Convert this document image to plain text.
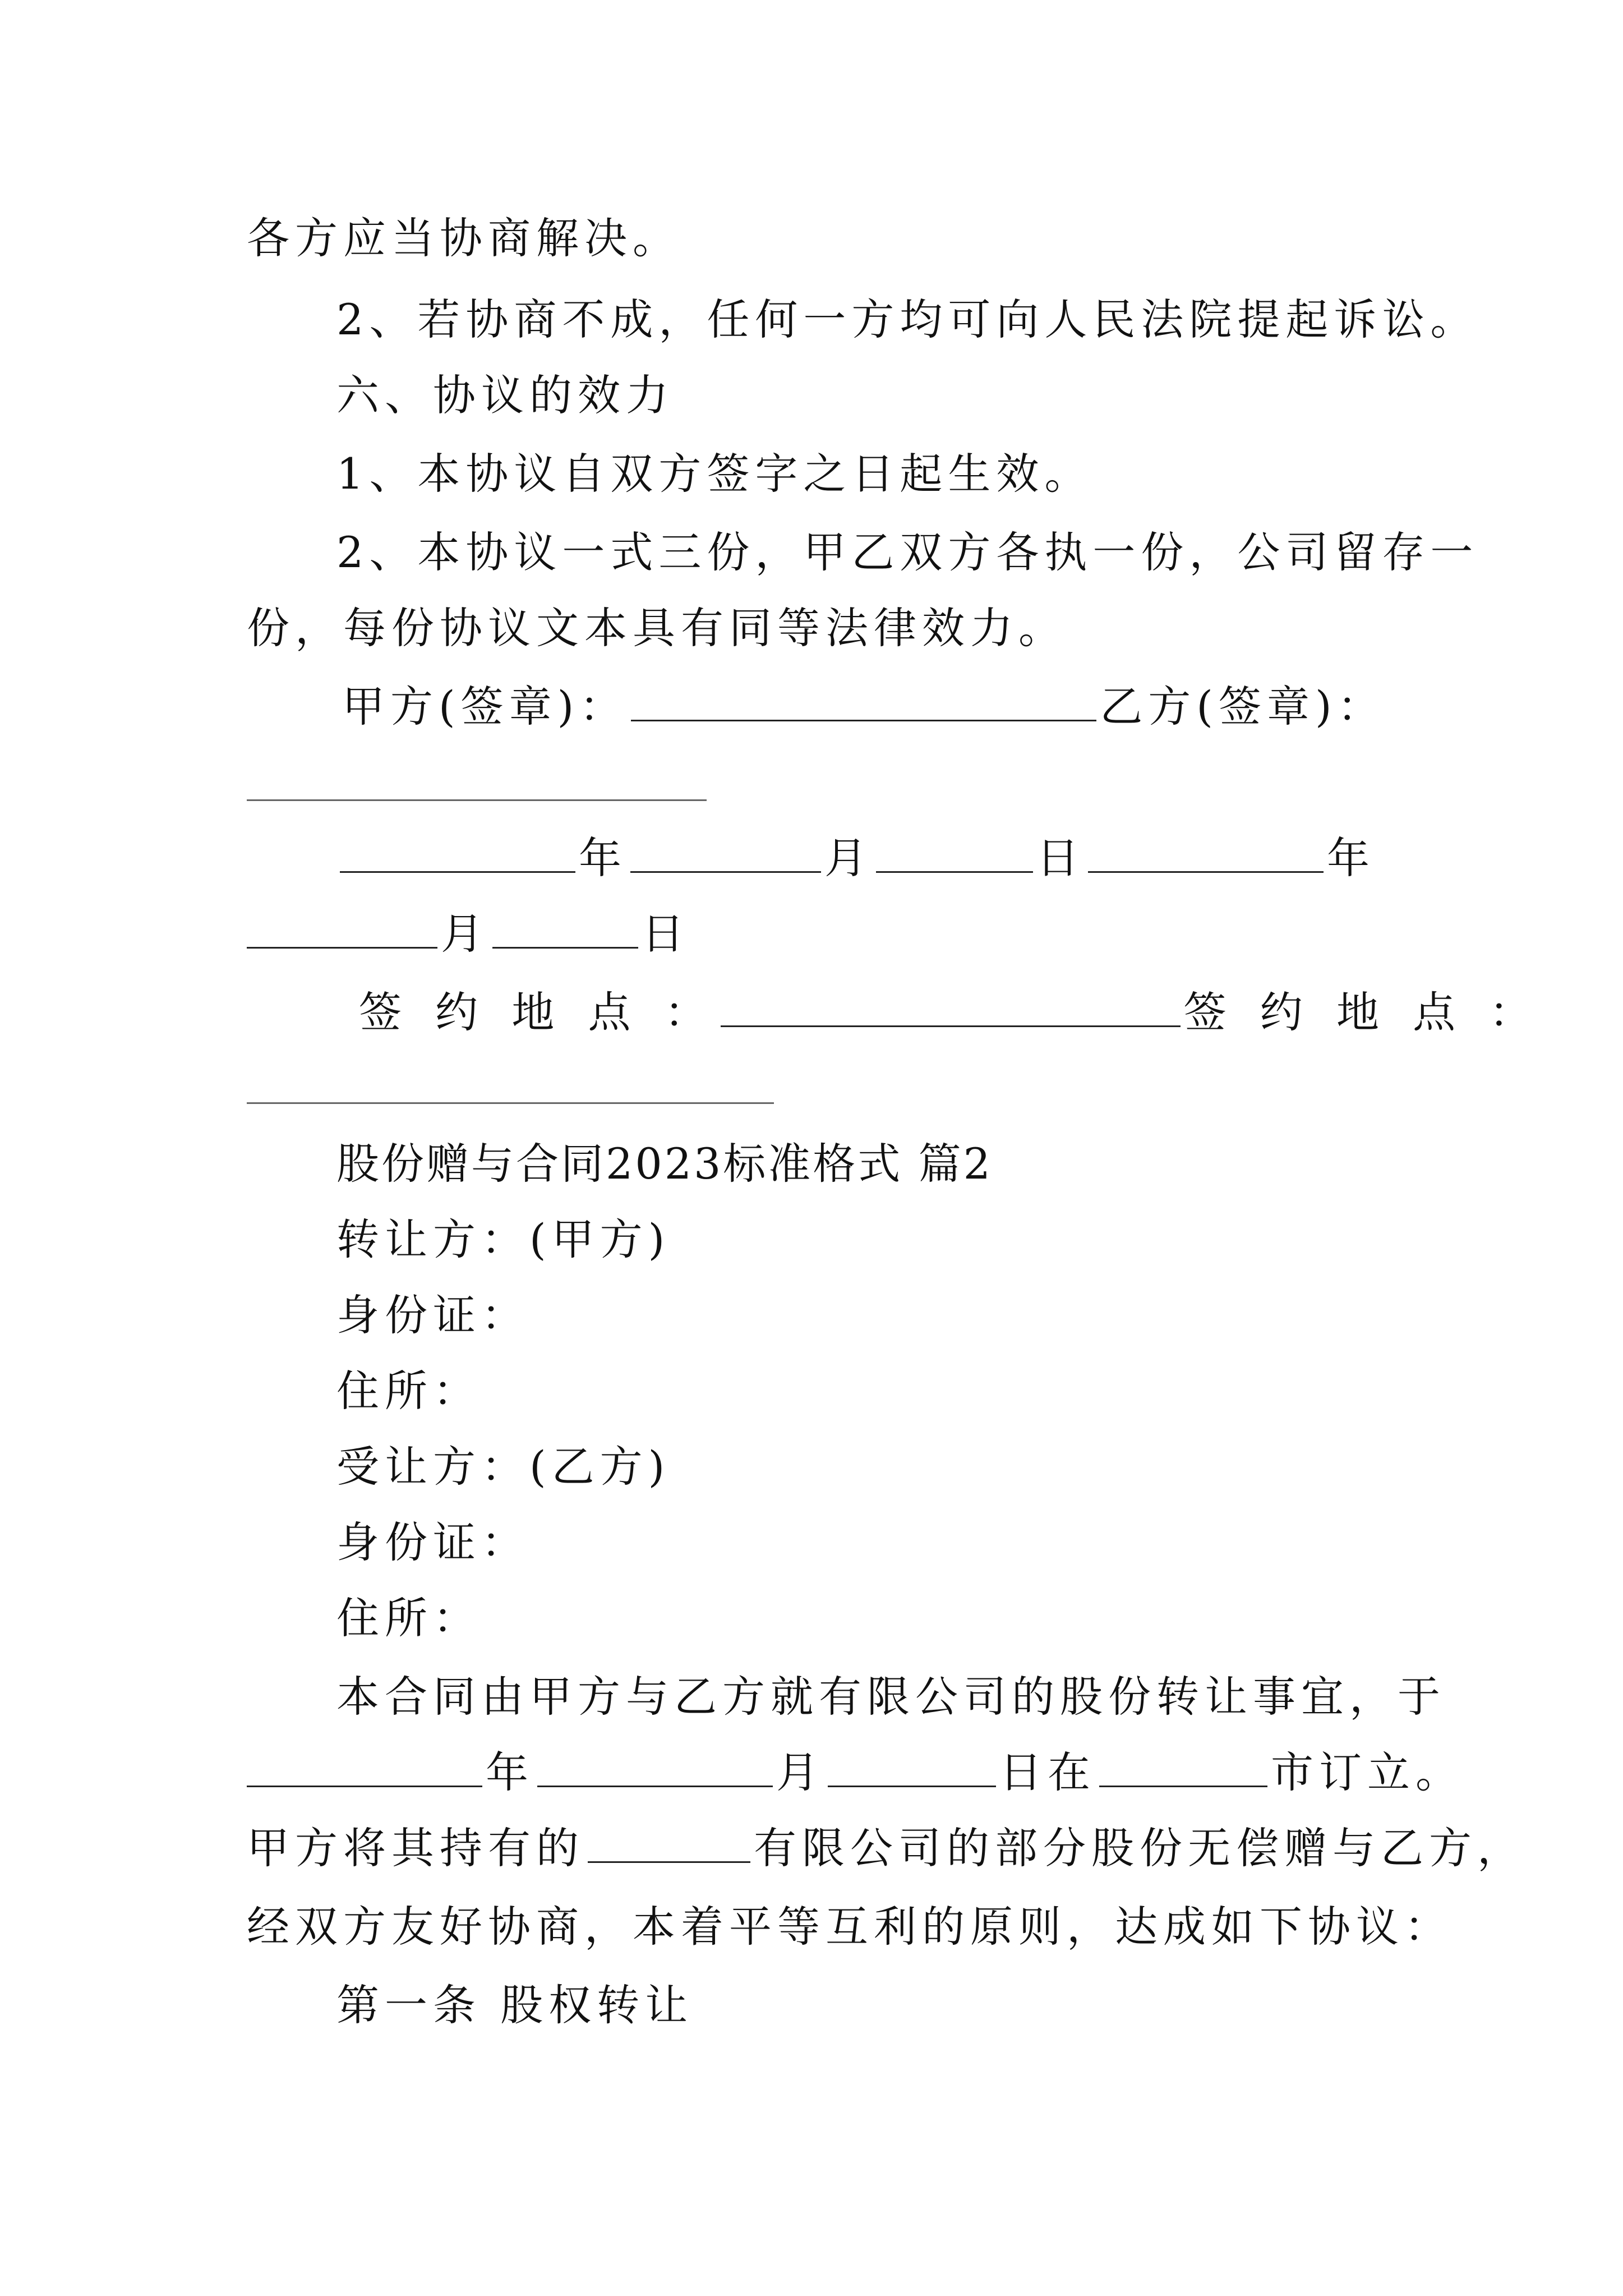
各方应当协商解决。
2、若协商不成，任何一方均可向人民法院提起诉讼。
六、协议的效力
1、本协议自双方签字之日起生效。
2、本协议一式三份，甲乙双方各执一份，公司留存一
份，每份协议文本具有同等法律效力。
甲方(签章)：	乙方(签章)：
年	月	日	年
月	日
签 约 地 点 ：	签 约 地 点 ：
股份赠与合同2023标准格式 篇2
转让方：(甲方)
身份证：
住所：
受让方：(乙方)
身份证：
住所：
本合同由甲方与乙方就有限公司的股份转让事宜，于
年	月	日在	市订立。
甲方将其持有的	有限公司的部分股份无偿赠与乙方，
经双方友好协商，本着平等互利的原则，达成如下协议：
第一条 股权转让
